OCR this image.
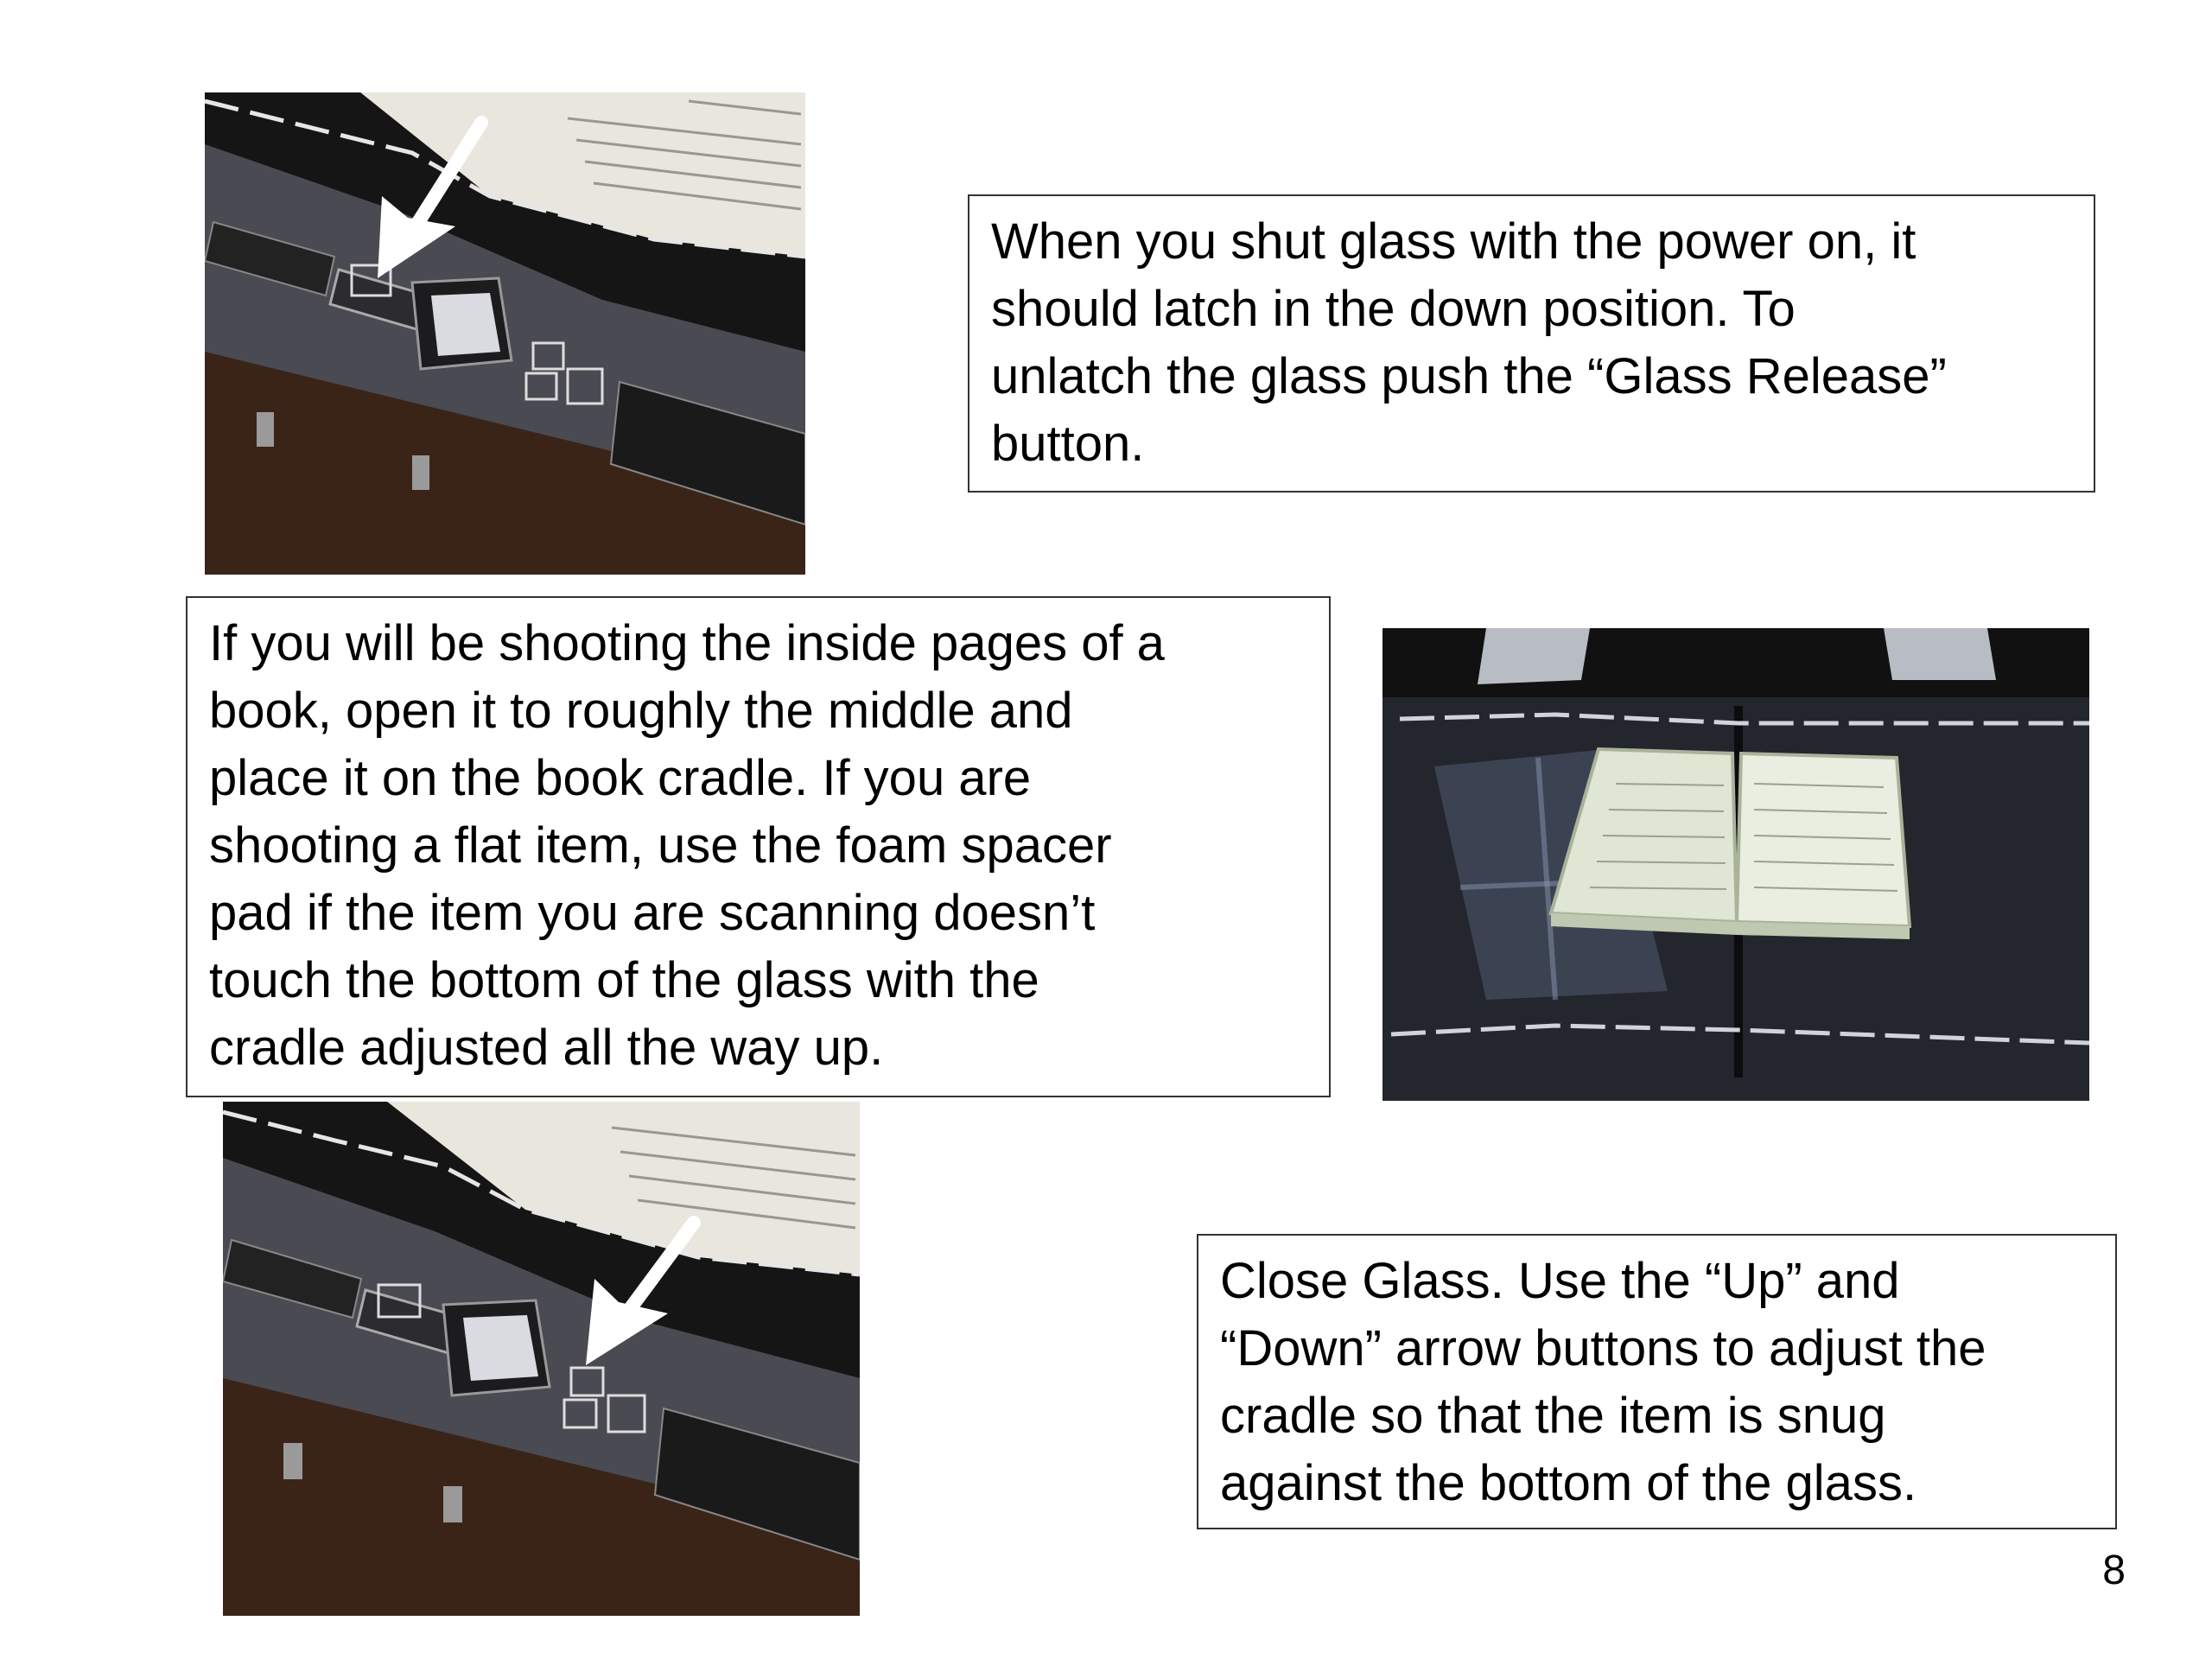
When you shut glass with the power on, it
should latch in the down position. To
unlatch the glass push the “Glass Release”
button.
If you will be shooting the inside pages of a
book, open it to roughly the middle and
place it on the book cradle. If you are
shooting a flat item, use the foam spacer
pad if the item you are scanning doesn’t
touch the bottom of the glass with the
cradle adjusted all the way up.
Close Glass. Use the “Up” and
“Down” arrow buttons to adjust the
cradle so that the item is snug
against the bottom of the glass.
8
